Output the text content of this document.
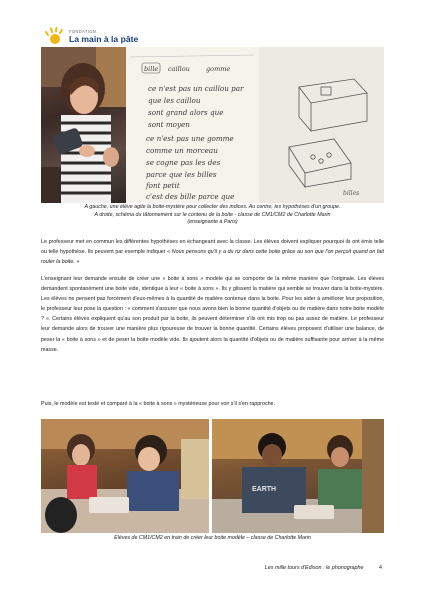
FONDATION
La main à la pâte
bille caillou gomme
ce n'est pas un caillou par
que les caillou
sont grand alors que
sont moyen
ce n'est pas une gomme
comme un morceau
se cogne pas les des
parce que les billes
font petit
c'est des bille parce que	billes
A gauche, une élève agite la boite-mystère pour collecter des indices. Au centre, les hypothèses d'un groupe.
A droite, schéma du tâtonnement sur le contenu de la boite - classe de CM1/CM2 de Charlotte Marin
(enseignante à Paris)

Le professeur met en commun les différentes hypothèses en échangeant avec la classe. Les élèves doivent expliquer pourquoi ils ont émis telle ou telle hypothèse. Ils peuvent par exemple indiquer « Nous pensons qu'il y a du riz dans cette boite grâce au son que l'on perçoit quand on fait rouler la boite. »

L'enseignant leur demande ensuite de créer une « boite à sons » modèle qui se comporte de la même manière que l'originale. Les élèves demandent spontanément une boite vide, identique à leur « boite à sons ». Ils y glissent la matière qui semble se trouver dans la boite-mystère. Les élèves ne pensent pas forcément d'eux-mêmes à la quantité de matière contenue dans la boite. Pour les aider à améliorer leur proposition, le professeur leur pose la question : « comment s'assurer que nous avons bien la bonne quantité d'objets ou de matière dans notre boite modèle ? ». Certains élèves expliquent qu'au son produit par la boite, ils peuvent déterminer s'ils ont mis trop ou pas assez de matière. Le professeur leur demande alors de trouver une manière plus rigoureuse de trouver la bonne quantité. Certains élèves proposent d'utiliser une balance, de peser la « boite à sons » et de peser la boite modèle vide. Ils ajoutent alors la quantité d'objets ou de matière suffisante pour arriver à la même masse.

Puis, le modèle est testé et comparé à la « boite à sons » mystérieuse pour voir s'il s'en rapproche.

EARTH
Elèves de CM1/CM2 en train de créer leur boite modèle – classe de Charlotte Marin
Les mille tours d'Edison : le phonographe	4
